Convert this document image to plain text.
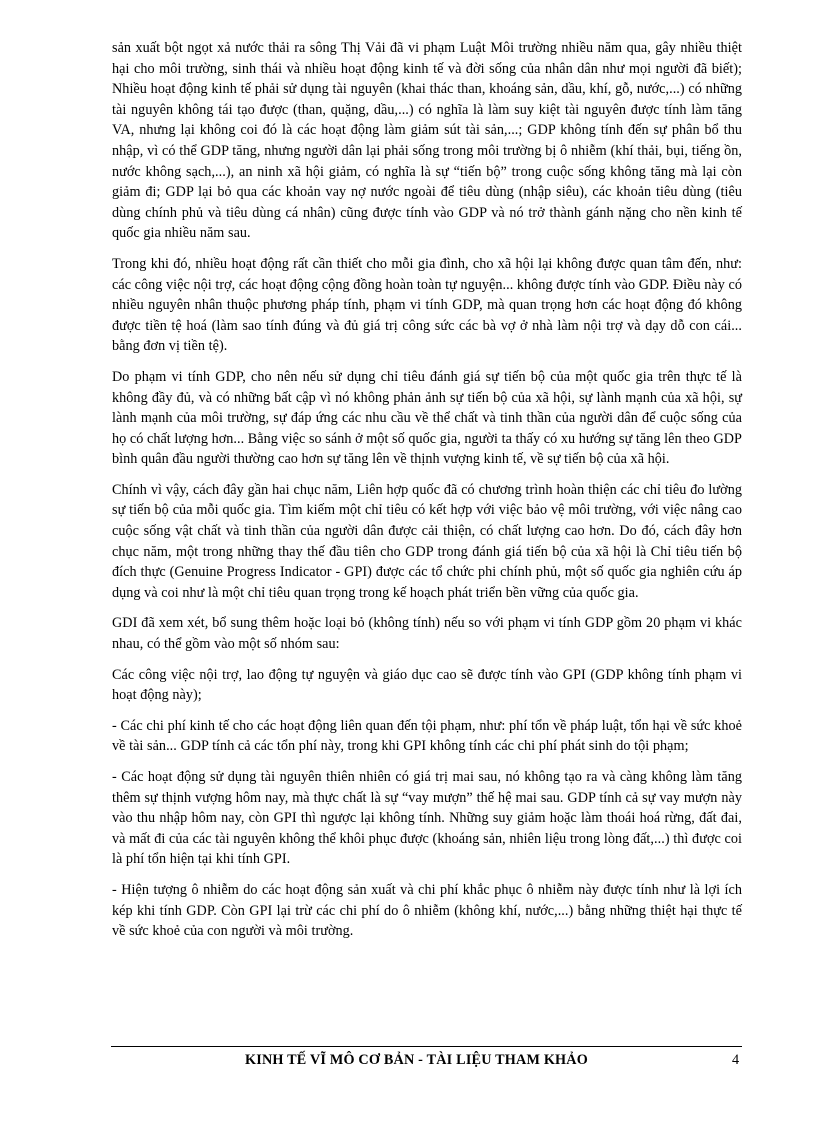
sản xuất bột ngọt xả nước thải ra sông Thị Vải đã vi phạm Luật Môi trường nhiều năm qua, gây nhiều thiệt hại cho môi trường, sinh thái và nhiều hoạt động kinh tế và đời sống của nhân dân như mọi người đã biết); Nhiều hoạt động kinh tế phải sử dụng tài nguyên (khai thác than, khoáng sản, dầu, khí, gỗ, nước,...) có những tài nguyên không tái tạo được (than, quặng, dầu,...) có nghĩa là làm suy kiệt tài nguyên được tính làm tăng VA, nhưng lại không coi đó là các hoạt động làm giảm sút tài sản,...; GDP không tính đến sự phân bổ thu nhập, vì có thể GDP tăng, nhưng người dân lại phải sống trong môi trường bị ô nhiễm (khí thải, bụi, tiếng ồn, nước không sạch,...), an ninh xã hội giảm, có nghĩa là sự “tiến bộ” trong cuộc sống không tăng mà lại còn giảm đi; GDP lại bỏ qua các khoản vay nợ nước ngoài để tiêu dùng (nhập siêu), các khoản tiêu dùng (tiêu dùng chính phủ và tiêu dùng cá nhân) cũng được tính vào GDP và nó trở thành gánh nặng cho nền kinh tế quốc gia nhiều năm sau.

Trong khi đó, nhiều hoạt động rất cần thiết cho mỗi gia đình, cho xã hội lại không được quan tâm đến, như: các công việc nội trợ, các hoạt động cộng đồng hoàn toàn tự nguyện... không được tính vào GDP. Điều này có nhiều nguyên nhân thuộc phương pháp tính, phạm vi tính GDP, mà quan trọng hơn các hoạt động đó không được tiền tệ hoá (làm sao tính đúng và đủ giá trị công sức các bà vợ ở nhà làm nội trợ và dạy dỗ con cái... bằng đơn vị tiền tệ).

Do phạm vi tính GDP, cho nên nếu sử dụng chỉ tiêu đánh giá sự tiến bộ của một quốc gia trên thực tế là không đầy đủ, và có những bất cập vì nó không phản ảnh sự tiến bộ của xã hội, sự lành mạnh của xã hội, sự lành mạnh của môi trường, sự đáp ứng các nhu cầu về thể chất và tinh thần của người dân để cuộc sống của họ có chất lượng hơn... Bằng việc so sánh ở một số quốc gia, người ta thấy có xu hướng sự tăng lên theo GDP bình quân đầu người thường cao hơn sự tăng lên về thịnh vượng kinh tế, về sự tiến bộ của xã hội.

Chính vì vậy, cách đây gần hai chục năm, Liên hợp quốc đã có chương trình hoàn thiện các chỉ tiêu đo lường sự tiến bộ của mỗi quốc gia. Tìm kiếm một chỉ tiêu có kết hợp với việc bảo vệ môi trường, với việc nâng cao cuộc sống vật chất và tinh thần của người dân được cải thiện, có chất lượng cao hơn. Do đó, cách đây hơn chục năm, một trong những thay thế đầu tiên cho GDP trong đánh giá tiến bộ của xã hội là Chỉ tiêu tiến bộ đích thực (Genuine Progress Indicator - GPI) được các tổ chức phi chính phủ, một số quốc gia nghiên cứu áp dụng và coi như là một chỉ tiêu quan trọng trong kế hoạch phát triển bền vững của quốc gia.

GDI đã xem xét, bổ sung thêm hoặc loại bỏ (không tính) nếu so với phạm vi tính GDP gồm 20 phạm vi khác nhau, có thể gồm vào một số nhóm sau:

Các công việc nội trợ, lao động tự nguyện và giáo dục cao sẽ được tính vào GPI (GDP không tính phạm vi hoạt động này);

- Các chi phí kinh tế cho các hoạt động liên quan đến tội phạm, như: phí tổn về pháp luật, tổn hại về sức khoẻ về tài sản... GDP tính cả các tổn phí này, trong khi GPI không tính các chi phí phát sinh do tội phạm;

- Các hoạt động sử dụng tài nguyên thiên nhiên có giá trị mai sau, nó không tạo ra và càng không làm tăng thêm sự thịnh vượng hôm nay, mà thực chất là sự “vay mượn” thế hệ mai sau. GDP tính cả sự vay mượn này vào thu nhập hôm nay, còn GPI thì ngược lại không tính. Những suy giảm hoặc làm thoái hoá rừng, đất đai, và mất đi của các tài nguyên không thể khôi phục được (khoáng sản, nhiên liệu trong lòng đất,...) thì được coi là phí tổn hiện tại khi tính GPI.

- Hiện tượng ô nhiễm do các hoạt động sản xuất và chi phí khắc phục ô nhiễm này được tính như là lợi ích kép khi tính GDP. Còn GPI lại trừ các chi phí do ô nhiễm (không khí, nước,...) bằng những thiệt hại thực tế về sức khoẻ của con người và môi trường.

KINH TẾ VĨ MÔ CƠ BẢN - TÀI LIỆU THAM KHẢO	4
